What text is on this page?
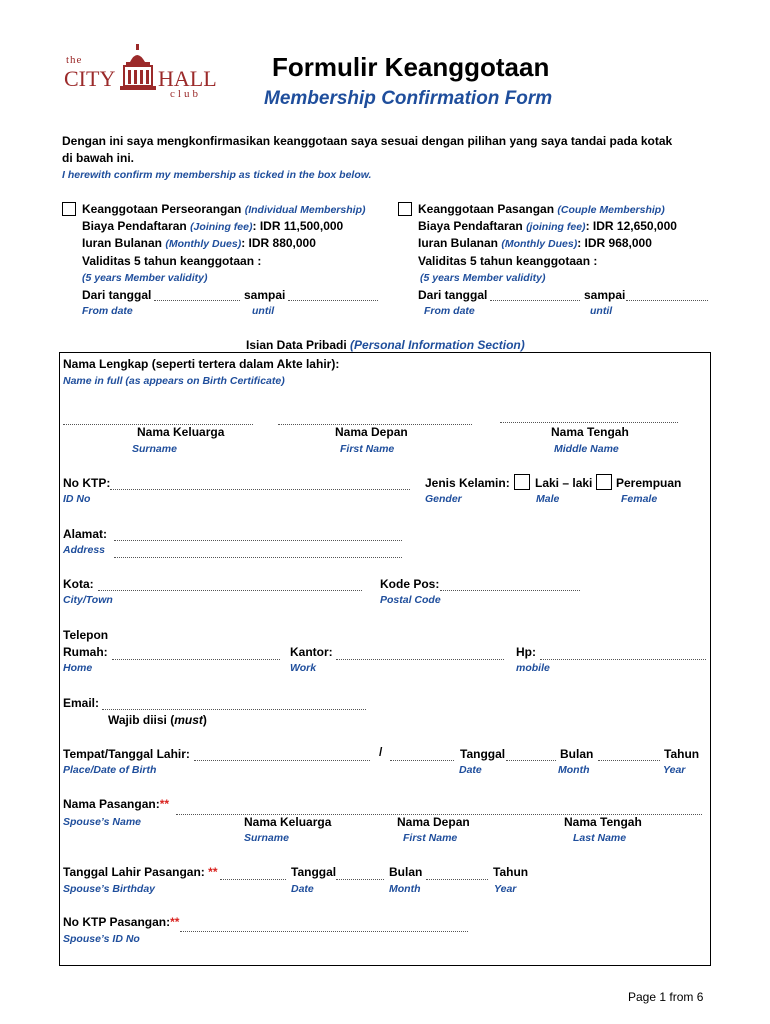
the
CITY HALL
club
Formulir Keanggotaan
Membership Confirmation Form
Dengan ini saya mengkonfirmasikan keanggotaan saya sesuai dengan pilihan yang saya tandai pada kotak
di bawah ini.
I herewith confirm my membership as ticked in the box below.
Keanggotaan Perseorangan (Individual Membership)
Biaya Pendaftaran (Joining fee): IDR 11,500,000
Iuran Bulanan (Monthly Dues): IDR 880,000
Validitas 5 tahun keanggotaan :
(5 years Member validity)
Dari tanggal	sampai
From date	until
Keanggotaan Pasangan (Couple Membership)
Biaya Pendaftaran (joining fee): IDR 12,650,000
Iuran Bulanan (Monthly Dues): IDR 968,000
Validitas 5 tahun keanggotaan :
(5 years Member validity)
Dari tanggal	sampai
From date	until
Isian Data Pribadi (Personal Information Section)
Nama Lengkap (seperti tertera dalam Akte lahir):
Name in full (as appears on Birth Certificate)
Nama Keluarga	Nama Depan	Nama Tengah
Surname	First Name	Middle Name
No KTP:
ID No
Jenis Kelamin:
Gender
Laki – laki
Male
Perempuan
Female
Alamat:
Address
Kota:
City/Town
Kode Pos:
Postal Code
Telepon
Rumah:
Home
Kantor:
Work
Hp:
mobile
Email:
Wajib diisi (must)
Tempat/Tanggal Lahir:	/	Tanggal	Bulan	Tahun
Place/Date of Birth	Date	Month	Year
Nama Pasangan:**
Spouse’s Name	Nama Keluarga	Nama Depan	Nama Tengah
Surname	First Name	Last Name
Tanggal Lahir Pasangan: **	Tanggal	Bulan	Tahun
Spouse’s Birthday	Date	Month	Year
No KTP Pasangan:**
Spouse’s ID No
Page 1 from 6
